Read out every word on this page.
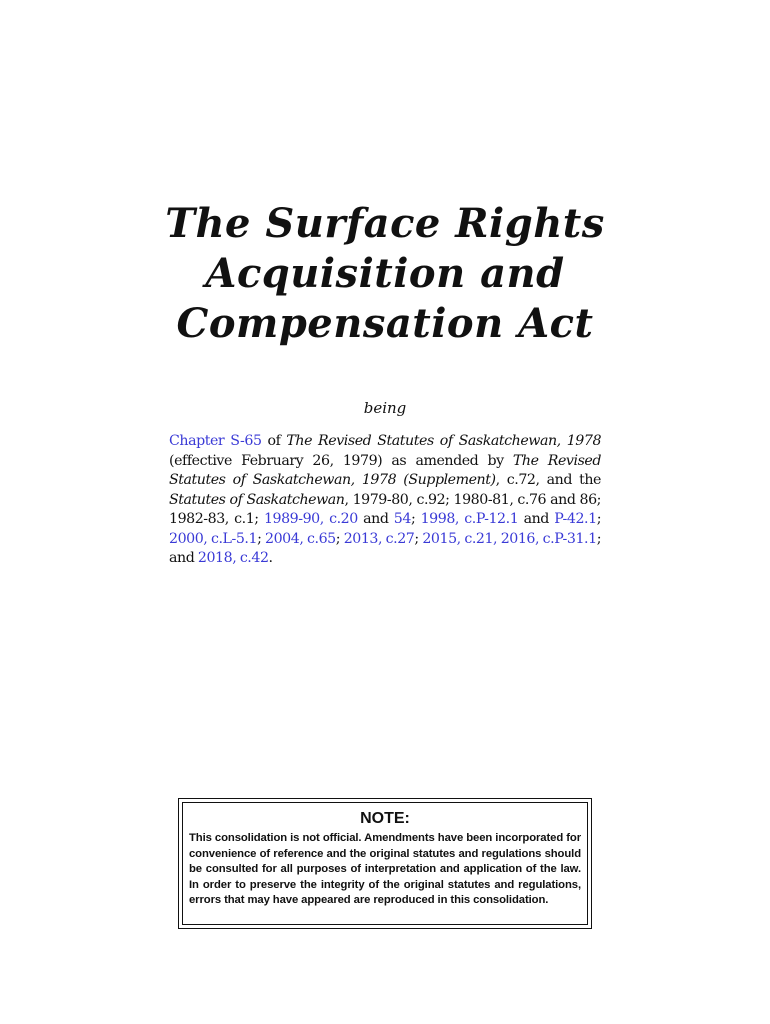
The Surface Rights
Acquisition and
Compensation Act
being
Chapter S-65 of The Revised Statutes of Saskatchewan, 1978 (effective February 26, 1979) as amended by The Revised Statutes of Saskatchewan, 1978 (Supplement), c.72, and the Statutes of Saskatchewan, 1979-80, c.92; 1980-81, c.76 and 86; 1982-83, c.1; 1989-90, c.20 and 54; 1998, c.P-12.1 and P-42.1; 2000, c.L-5.1; 2004, c.65; 2013, c.27; 2015, c.21, 2016, c.P-31.1; and 2018, c.42.
NOTE:
This consolidation is not official. Amendments have been incorporated for convenience of reference and the original statutes and regulations should be consulted for all purposes of interpretation and application of the law. In order to preserve the integrity of the original statutes and regulations, errors that may have appeared are reproduced in this consolidation.
